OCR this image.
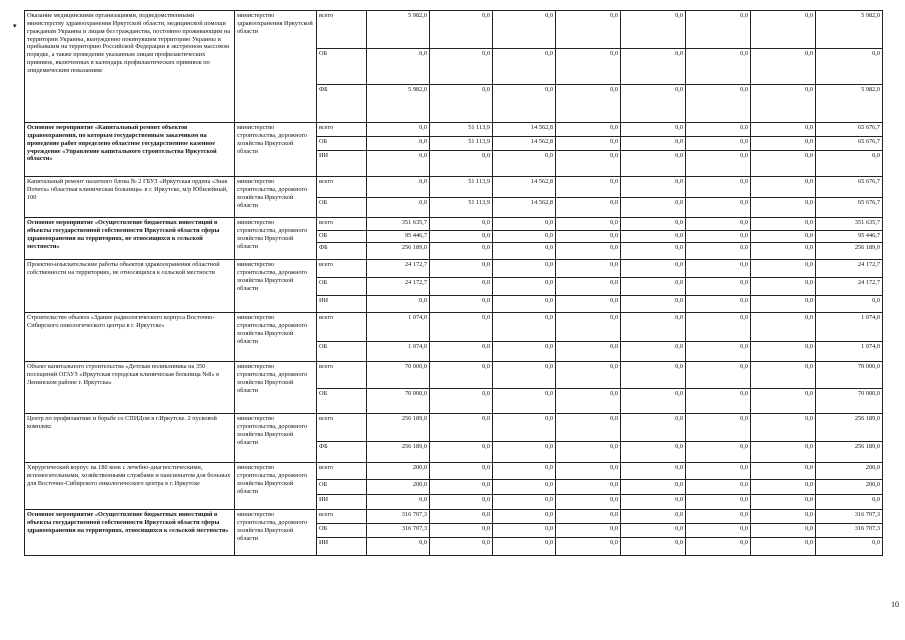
▾
Оказание медицинскими организациями, подведомственными министерству здравоохранения Иркутской области, медицинской помощи гражданам Украины и лицам без гражданства, постоянно проживающим на территории Украины, вынужденно покинувшим территорию Украины и прибывшим на территорию Российской Федерации в экстренном массовом порядке, а также проведение указанным лицам профилактических прививок, включенных в календарь профилактических прививок по эпидемическим показаниям	министерство здравоохранения Иркутской области	всего	5 982,0	0,0	0,0	0,0	0,0	0,0	0,0	5 982,0
		ОБ	0,0	0,0	0,0	0,0	0,0	0,0	0,0	0,0
		ФБ	5 982,0	0,0	0,0	0,0	0,0	0,0	0,0	5 982,0
Основное мероприятие «Капитальный ремонт объектов здравоохранения, по которым государственным заказчиком на проведение работ определено областное государственное казенное учреждение «Управление капитального строительства Иркутской области»	министерство строительства, дорожного хозяйства Иркутской области	всего	0,0	51 113,9	14 562,8	0,0	0,0	0,0	0,0	65 676,7
		ОБ	0,0	51 113,9	14 562,8	0,0	0,0	0,0	0,0	65 676,7
		ИИ	0,0	0,0	0,0	0,0	0,0	0,0	0,0	0,0
Капитальный ремонт палатного блока № 2 ГБУЗ «Иркутская ордена «Знак Почета» областная клиническая больница» в г. Иркутске, м/р Юбилейный, 100	министерство строительства, дорожного хозяйства Иркутской области	всего	0,0	51 113,9	14 562,8	0,0	0,0	0,0	0,0	65 676,7
		ОБ	0,0	51 113,9	14 562,8	0,0	0,0	0,0	0,0	65 676,7
Основное мероприятие «Осуществление бюджетных инвестиций в объекты государственной собственности Иркутской области сферы здравоохранения на территориях, не относящихся к сельской местности»	министерство строительства, дорожного хозяйства Иркутской области	всего	351 635,7	0,0	0,0	0,0	0,0	0,0	0,0	351 635,7
		ОБ	95 446,7	0,0	0,0	0,0	0,0	0,0	0,0	95 446,7
		ФБ	256 189,0	0,0	0,0	0,0	0,0	0,0	0,0	256 189,0
Проектно-изыскательские работы объектов здравоохранения областной собственности на территориях, не относящихся к сельской местности	министерство строительства, дорожного хозяйства Иркутской области	всего	24 172,7	0,0	0,0	0,0	0,0	0,0	0,0	24 172,7
		ОБ	24 172,7	0,0	0,0	0,0	0,0	0,0	0,0	24 172,7
		ИИ	0,0	0,0	0,0	0,0	0,0	0,0	0,0	0,0
Строительство объекта «Здание радиологического корпуса Восточно-Сибирского онкологического центра в г. Иркутске»	министерство строительства, дорожного хозяйства Иркутской области	всего	1 074,0	0,0	0,0	0,0	0,0	0,0	0,0	1 074,0
		ОБ	1 074,0	0,0	0,0	0,0	0,0	0,0	0,0	1 074,0
Объект капитального строительства «Детская поликлиника на 350 посещений ОГАУЗ «Иркутская городская клиническая больница №8» в Ленинском районе г. Иркутска»	министерство строительства, дорожного хозяйства Иркутской области	всего	70 000,0	0,0	0,0	0,0	0,0	0,0	0,0	70 000,0
		ОБ	70 000,0	0,0	0,0	0,0	0,0	0,0	0,0	70 000,0
Центр по профилактике и борьбе со СПИДом в г.Иркутске. 2 пусковой комплекс	министерство строительства, дорожного хозяйства Иркутской области	всего	256 189,0	0,0	0,0	0,0	0,0	0,0	0,0	256 189,0
		ФБ	256 189,0	0,0	0,0	0,0	0,0	0,0	0,0	256 189,0
Хирургический корпус на 180 коек с лечебно-диагностическими, вспомогательными, хозяйственными службами и пансионатом для больных для Восточно-Сибирского онкологического центра в г. Иркутске	министерство строительства, дорожного хозяйства Иркутской области	всего	200,0	0,0	0,0	0,0	0,0	0,0	0,0	200,0
		ОБ	200,0	0,0	0,0	0,0	0,0	0,0	0,0	200,0
		ИИ	0,0	0,0	0,0	0,0	0,0	0,0	0,0	0,0
Основное мероприятие «Осуществление бюджетных инвестиций в объекты государственной собственности Иркутской области сферы здравоохранения на территориях, относящихся к сельской местности»	министерство строительства, дорожного хозяйства Иркутской области	всего	316 707,3	0,0	0,0	0,0	0,0	0,0	0,0	316 707,3
		ОБ	316 707,3	0,0	0,0	0,0	0,0	0,0	0,0	316 707,3
		ИИ	0,0	0,0	0,0	0,0	0,0	0,0	0,0	0,0
10
